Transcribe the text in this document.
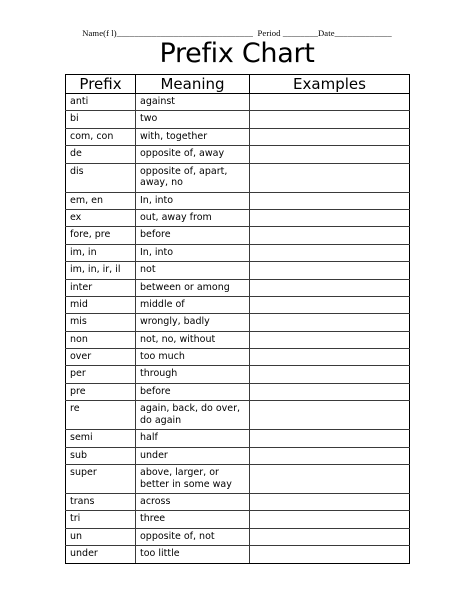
Name(f l)_______________________________  Period ________Date_____________
Prefix Chart
Prefix	Meaning	Examples
anti	against	
bi	two	
com, con	with, together	
de	opposite of, away	
dis	opposite of, apart, away, no	
em, en	In, into	
ex	out, away from	
fore, pre	before	
im, in	In, into	
im, in, ir, il	not	
inter	between or among	
mid	middle of	
mis	wrongly, badly	
non	not, no, without	
over	too much	
per	through	
pre	before	
re	again, back, do over, do again	
semi	half	
sub	under	
super	above, larger, or better in some way	
trans	across	
tri	three	
un	opposite of, not	
under	too little	
